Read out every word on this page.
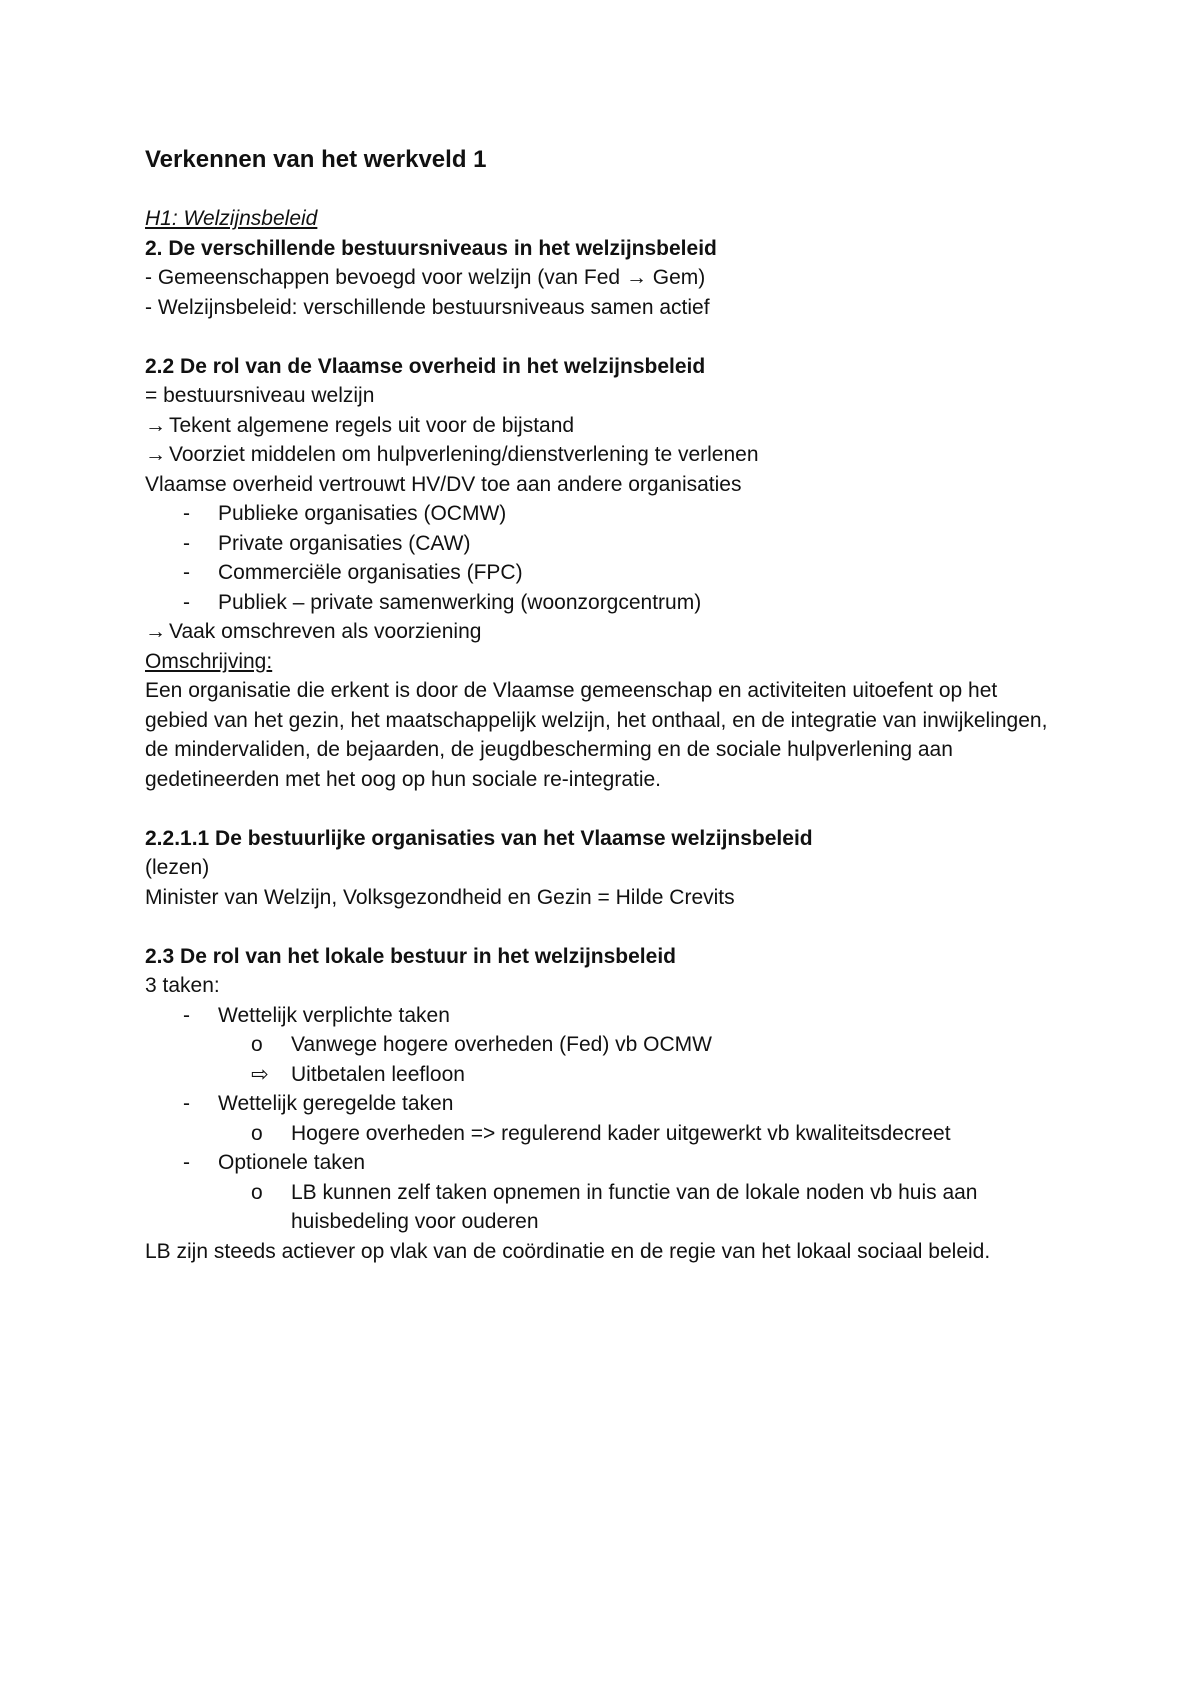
Verkennen van het werkveld 1

H1: Welzijnsbeleid

2. De verschillende bestuursniveaus in het welzijnsbeleid

- Gemeenschappen bevoegd voor welzijn (van Fed → Gem)

- Welzijnsbeleid: verschillende bestuursniveaus samen actief

2.2 De rol van de Vlaamse overheid in het welzijnsbeleid

= bestuursniveau welzijn

→ Tekent algemene regels uit voor de bijstand

→ Voorziet middelen om hulpverlening/dienstverlening te verlenen

Vlaamse overheid vertrouwt HV/DV toe aan andere organisaties

- Publieke organisaties (OCMW)
- Private organisaties (CAW)
- Commerciële organisaties (FPC)
- Publiek – private samenwerking (woonzorgcentrum)

→ Vaak omschreven als voorziening

Omschrijving:

Een organisatie die erkent is door de Vlaamse gemeenschap en activiteiten uitoefent op het gebied van het gezin, het maatschappelijk welzijn, het onthaal, en de integratie van inwijkelingen, de mindervaliden, de bejaarden, de jeugdbescherming en de sociale hulpverlening aan gedetineerden met het oog op hun sociale re-integratie.

2.2.1.1 De bestuurlijke organisaties van het Vlaamse welzijnsbeleid

(lezen)

Minister van Welzijn, Volksgezondheid en Gezin = Hilde Crevits

2.3 De rol van het lokale bestuur in het welzijnsbeleid

3 taken:

- Wettelijk verplichte taken
o Vanwege hogere overheden (Fed) vb OCMW
⇨ Uitbetalen leefloon
- Wettelijk geregelde taken
o Hogere overheden => regulerend kader uitgewerkt vb kwaliteitsdecreet
- Optionele taken
o LB kunnen zelf taken opnemen in functie van de lokale noden vb huis aan huisbedeling voor ouderen

LB zijn steeds actiever op vlak van de coördinatie en de regie van het lokaal sociaal beleid.
